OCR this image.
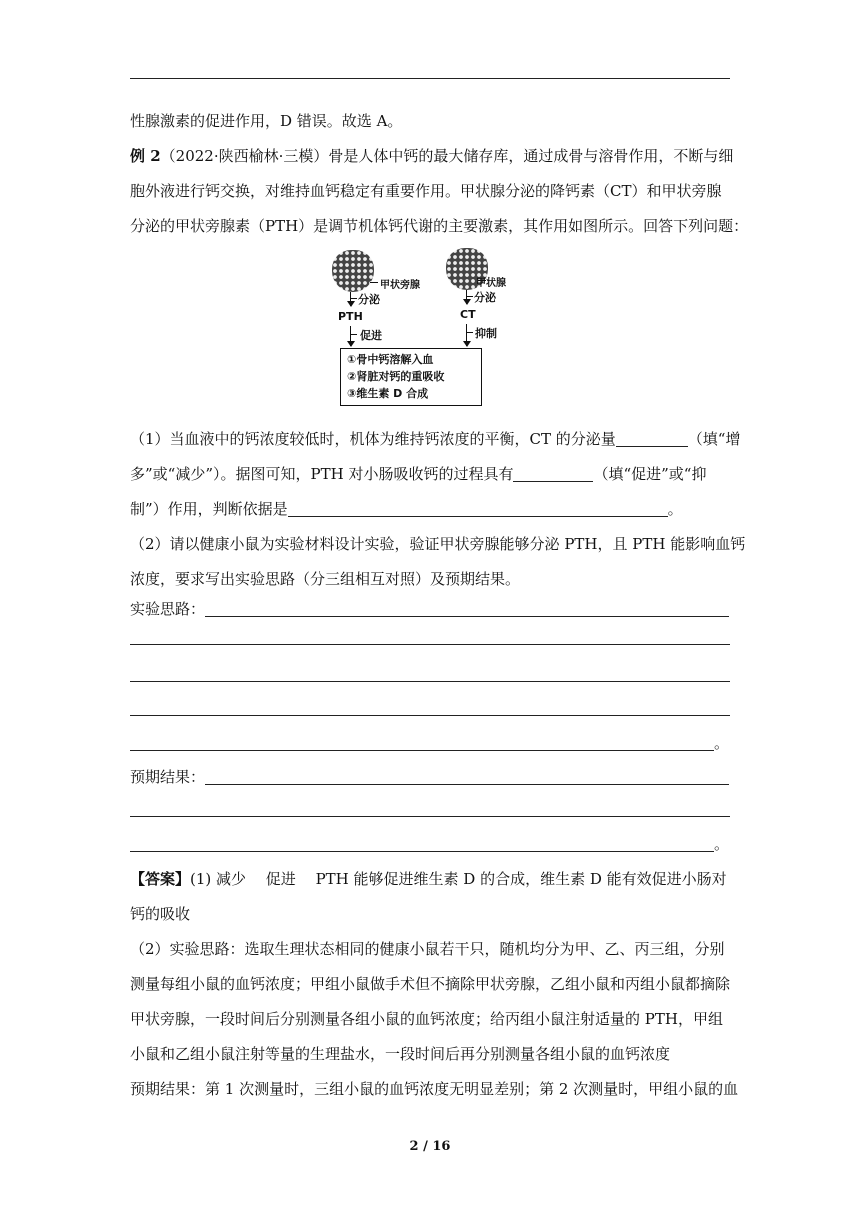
性腺激素的促进作用，D 错误。故选 A。
例 2（2022·陕西榆林·三模）骨是人体中钙的最大储存库，通过成骨与溶骨作用，不断与细
胞外液进行钙交换，对维持血钙稳定有重要作用。甲状腺分泌的降钙素（CT）和甲状旁腺
分泌的甲状旁腺素（PTH）是调节机体钙代谢的主要激素，其作用如图所示。回答下列问题：
甲状旁腺
分泌
PTH
促进
甲状腺
分泌
CT
抑制
①骨中钙溶解入血
②肾脏对钙的重吸收
③维生素 D 合成
（1）当血液中的钙浓度较低时，机体为维持钙浓度的平衡，CT 的分泌量	（填“增
多”或“减少”）。据图可知，PTH 对小肠吸收钙的过程具有	（填“促进”或“抑
制”）作用，判断依据是	。
（2）请以健康小鼠为实验材料设计实验，验证甲状旁腺能够分泌 PTH，且 PTH 能影响血钙
浓度，要求写出实验思路（分三组相互对照）及预期结果。
实验思路：
。
预期结果：
。
【答案】(1) 减少　 促进　 PTH 能够促进维生素 D 的合成，维生素 D 能有效促进小肠对
钙的吸收
（2）实验思路：选取生理状态相同的健康小鼠若干只，随机均分为甲、乙、丙三组，分别
测量每组小鼠的血钙浓度；甲组小鼠做手术但不摘除甲状旁腺，乙组小鼠和丙组小鼠都摘除
甲状旁腺，一段时间后分别测量各组小鼠的血钙浓度；给丙组小鼠注射适量的 PTH，甲组
小鼠和乙组小鼠注射等量的生理盐水，一段时间后再分别测量各组小鼠的血钙浓度
预期结果：第 1 次测量时，三组小鼠的血钙浓度无明显差别；第 2 次测量时，甲组小鼠的血
2 / 16
